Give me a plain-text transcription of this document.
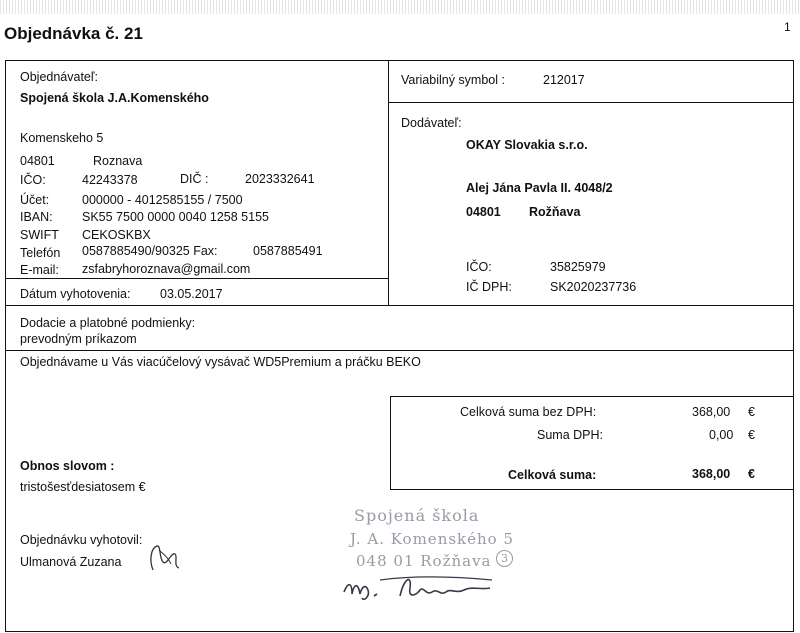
Objednávka č. 21	1
Objednávateľ:
Spojená škola J.A.Komenského
Komenskeho 5
04801	Roznava
IČO:	42243378	DIČ :	2023332641
Účet:	000000 - 4012585155 / 7500
IBAN: SK55 7500 0000 0040 1258 5155
SWIFT CEKOSKBX
Telefón 0587885490/90325 Fax:	0587885491
E-mail: zsfabryhoroznava@gmail.com
Dátum vyhotovenia: 03.05.2017
Variabilný symbol :	212017
Dodávateľ:
OKAY Slovakia s.r.o.
Alej Jána Pavla II. 4048/2
04801 Rožňava
IČO:	35825979
IČ DPH:	SK2020237736
Dodacie a platobné podmienky:
prevodným príkazom
Objednávame u Vás viacúčelový vysávač WD5Premium a práčku BEKO
Celková suma bez DPH:	368,00 €
Suma DPH:	0,00 €
Celková suma:	368,00 €
Obnos slovom :
tristošesťdesiatosem €
Objednávku vyhotovil:
Ulmanová Zuzana
Spojená škola
J. A. Komenského 5
048 01 Rožňava 3
